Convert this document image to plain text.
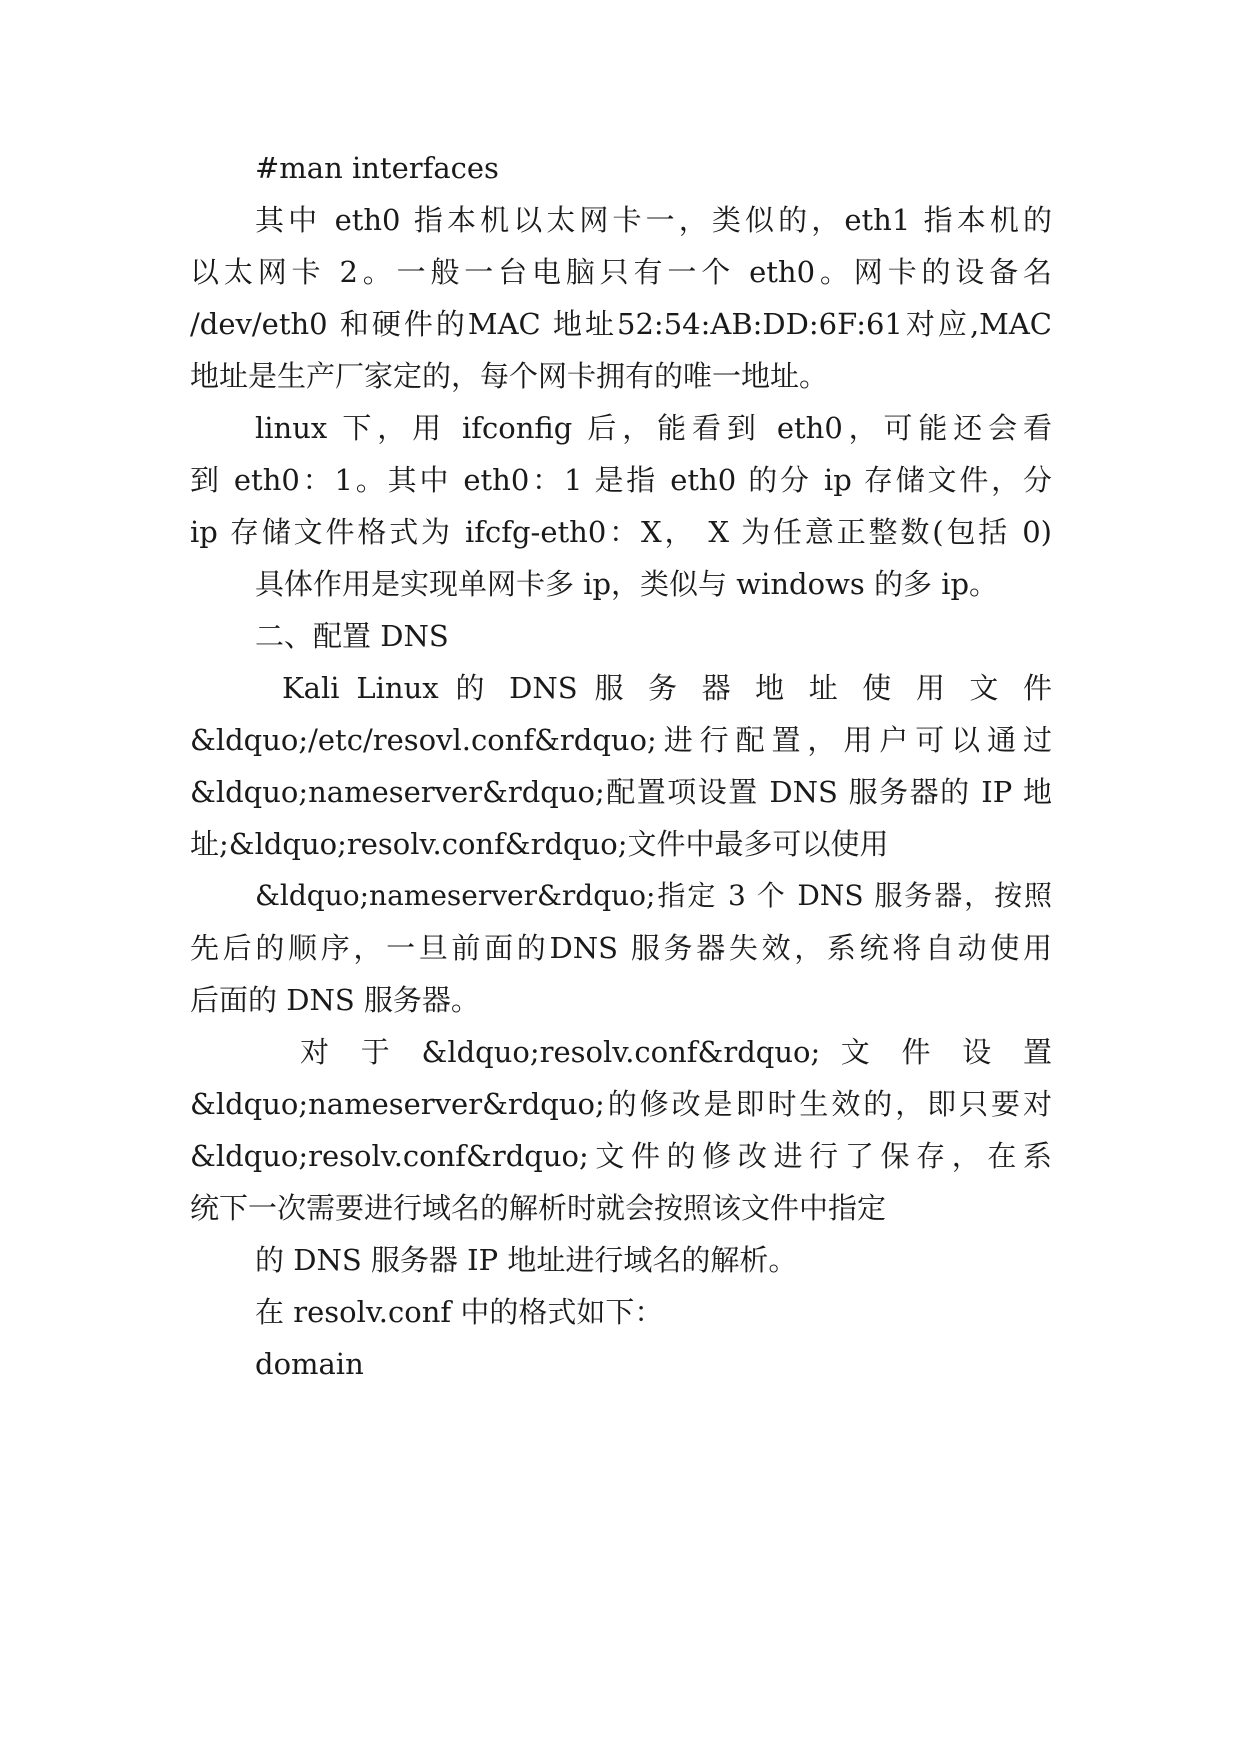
#man interfaces
其中 eth0 指本机以太网卡一，类似的，eth1 指本机的
以太网卡 2。一般一台电脑只有一个 eth0。网卡的设备名
/dev/eth0 和硬件的MAC 地址52:54:AB:DD:6F:61对应,MAC
地址是生产厂家定的，每个网卡拥有的唯一地址。
linux 下，用 ifconfig 后，能看到 eth0，可能还会看
到 eth0：1。其中 eth0：1 是指 eth0 的分 ip 存储文件，分
ip 存储文件格式为 ifcfg-eth0：X， X 为任意正整数(包括 0)
具体作用是实现单网卡多 ip，类似与 windows 的多 ip。
二、配置 DNS
Kali Linux 的 DNS 服 务 器 地 址 使 用 文 件
&ldquo;/etc/resovl.conf&rdquo;进行配置，用户可以通过
&ldquo;nameserver&rdquo;配置项设置 DNS 服务器的 IP 地
址;&ldquo;resolv.conf&rdquo;文件中最多可以使用
&ldquo;nameserver&rdquo;指定 3 个 DNS 服务器，按照
先后的顺序，一旦前面的DNS 服务器失效，系统将自动使用
后面的 DNS 服务器。
对 于 &ldquo;resolv.conf&rdquo; 文 件 设 置
&ldquo;nameserver&rdquo;的修改是即时生效的，即只要对
&ldquo;resolv.conf&rdquo;文件的修改进行了保存，在系
统下一次需要进行域名的解析时就会按照该文件中指定
的 DNS 服务器 IP 地址进行域名的解析。
在 resolv.conf 中的格式如下：
domain
